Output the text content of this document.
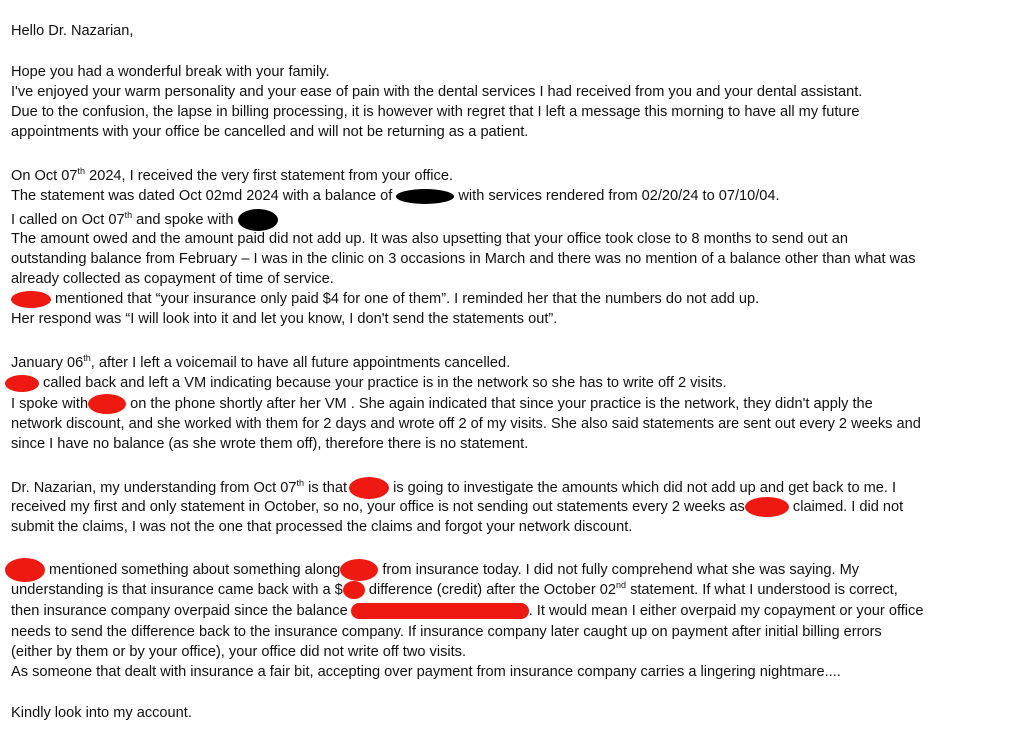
Hello Dr. Nazarian,
Hope you had a wonderful break with your family.
I've enjoyed your warm personality and your ease of pain with the dental services I had received from you and your dental assistant.
Due to the confusion, the lapse in billing processing, it is however with regret that I left a message this morning to have all my future
appointments with your office be cancelled and will not be returning as a patient.
On Oct 07th 2024, I received the very first statement from your office.
The statement was dated Oct 02md 2024 with a balance of	with services rendered from 02/20/24 to 07/10/04.
I called on Oct 07th and spoke with
The amount owed and the amount paid did not add up. It was also upsetting that your office took close to 8 months to send out an
outstanding balance from February – I was in the clinic on 3 occasions in March and there was no mention of a balance other than what was
already collected as copayment of time of service.
mentioned that “your insurance only paid $4 for one of them”. I reminded her that the numbers do not add up.
Her respond was “I will look into it and let you know, I don't send the statements out”.
January 06th, after I left a voicemail to have all future appointments cancelled.
called back and left a VM indicating because your practice is in the network so she has to write off 2 visits.
I spoke with	on the phone shortly after her VM . She again indicated that since your practice is the network, they didn't apply the
network discount, and she worked with them for 2 days and wrote off 2 of my visits. She also said statements are sent out every 2 weeks and
since I have no balance (as she wrote them off), therefore there is no statement.
Dr. Nazarian, my understanding from Oct 07th is that	is going to investigate the amounts which did not add up and get back to me. I
received my first and only statement in October, so no, your office is not sending out statements every 2 weeks as	claimed. I did not
submit the claims, I was not the one that processed the claims and forgot your network discount.
mentioned something about something along	from insurance today. I did not fully comprehend what she was saying. My
understanding is that insurance came back with a $ difference (credit) after the October 02nd statement. If what I understood is correct,
then insurance company overpaid since the balance	. It would mean I either overpaid my copayment or your office
needs to send the difference back to the insurance company. If insurance company later caught up on payment after initial billing errors
(either by them or by your office), your office did not write off two visits.
As someone that dealt with insurance a fair bit, accepting over payment from insurance company carries a lingering nightmare....
Kindly look into my account.
